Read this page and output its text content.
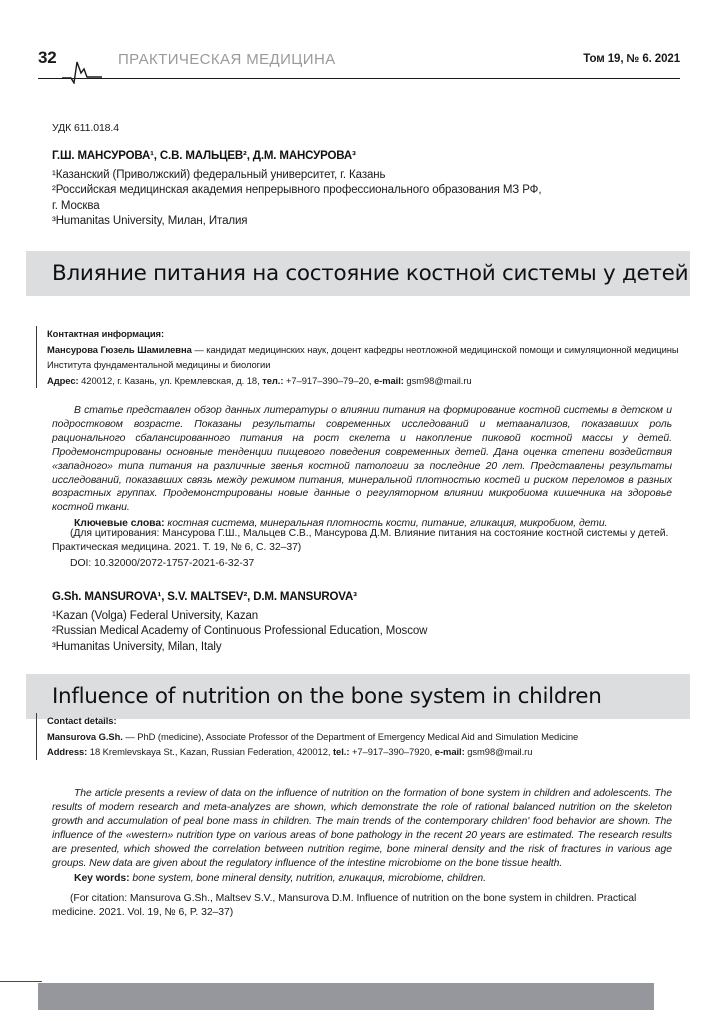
32	ПРАКТИЧЕСКАЯ МЕДИЦИНА	Том 19, № 6. 2021
УДК 611.018.4
Г.Ш. МАНСУРОВА¹, С.В. МАЛЬЦЕВ², Д.М. МАНСУРОВА³
¹Казанский (Приволжский) федеральный университет, г. Казань
²Российская медицинская академия непрерывного профессионального образования МЗ РФ,
г. Москва
³Humanitas University, Милан, Италия
Влияние питания на состояние костной системы у детей
Контактная информация:
Мансурова Гюзель Шамилевна — кандидат медицинских наук, доцент кафедры неотложной медицинской помощи и симуляционной медицины Института фундаментальной медицины и биологии
Адрес: 420012, г. Казань, ул. Кремлевская, д. 18, тел.: +7–917–390–79–20, e-mail: gsm98@mail.ru

В статье представлен обзор данных литературы о влиянии питания на формирование костной системы в детском и подростковом возрасте. Показаны результаты современных исследований и метаанализов, показавших роль рационального сбалансированного питания на рост скелета и накопление пиковой костной массы у детей. Продемонстрированы основные тенденции пищевого поведения современных детей. Дана оценка степени воздействия «западного» типа питания на различные звенья костной патологии за последние 20 лет. Представлены результаты исследований, показавших связь между режимом питания, минеральной плотностью костей и риском переломов в разных возрастных группах. Продемонстрированы новые данные о регуляторном влиянии микробиома кишечника на здоровье костной ткани.

Ключевые слова: костная система, минеральная плотность кости, питание, гликация, микробиом, дети.

(Для цитирования: Мансурова Г.Ш., Мальцев С.В., Мансурова Д.М. Влияние питания на состояние костной системы у детей. Практическая медицина. 2021. Т. 19, № 6, С. 32–37)

DOI: 10.32000/2072-1757-2021-6-32-37
G.Sh. MANSUROVA¹, S.V. MALTSEV², D.M. MANSUROVA³
¹Kazan (Volga) Federal University, Kazan
²Russian Medical Academy of Continuous Professional Education, Moscow
³Humanitas University, Milan, Italy
Influence of nutrition on the bone system in children
Contact details:
Mansurova G.Sh. — PhD (medicine), Associate Professor of the Department of Emergency Medical Aid and Simulation Medicine
Address: 18 Kremlevskaya St., Kazan, Russian Federation, 420012, tel.: +7–917–390–7920, e-mail: gsm98@mail.ru

The article presents a review of data on the influence of nutrition on the formation of bone system in children and adolescents. The results of modern research and meta-analyzes are shown, which demonstrate the role of rational balanced nutrition on the skeleton growth and accumulation of peal bone mass in children. The main trends of the contemporary children' food behavior are shown. The influence of the «western» nutrition type on various areas of bone pathology in the recent 20 years are estimated. The research results are presented, which showed the correlation between nutrition regime, bone mineral density and the risk of fractures in various age groups. New data are given about the regulatory influence of the intestine microbiome on the bone tissue health.

Key words: bone system, bone mineral density, nutrition, гликация, microbiome, children.

(For citation: Mansurova G.Sh., Maltsev S.V., Mansurova D.M. Influence of nutrition on the bone system in children. Practical medicine. 2021. Vol. 19, № 6, P. 32–37)
